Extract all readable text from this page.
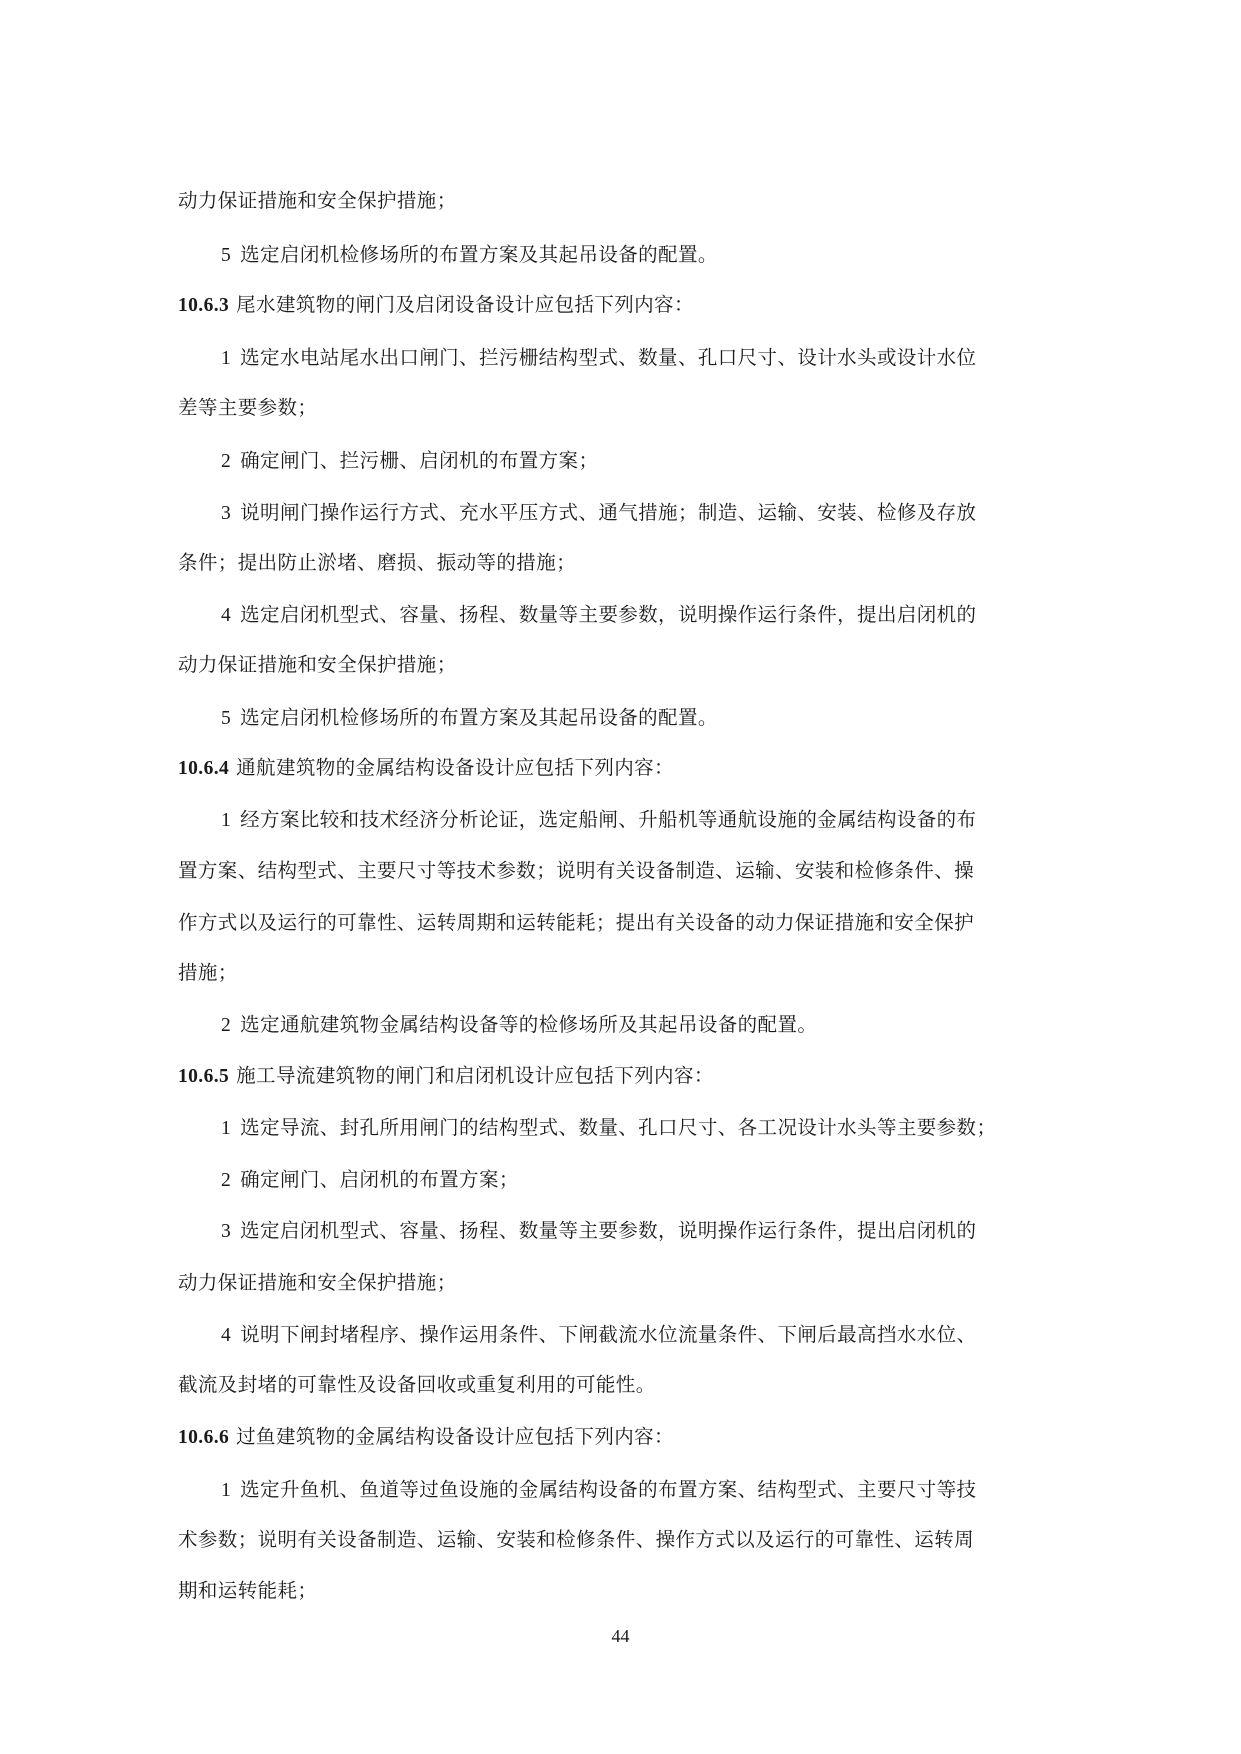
动力保证措施和安全保护措施；
5 选定启闭机检修场所的布置方案及其起吊设备的配置。
10.6.3 尾水建筑物的闸门及启闭设备设计应包括下列内容：
1 选定水电站尾水出口闸门、拦污栅结构型式、数量、孔口尺寸、设计水头或设计水位
差等主要参数；
2 确定闸门、拦污栅、启闭机的布置方案；
3 说明闸门操作运行方式、充水平压方式、通气措施；制造、运输、安装、检修及存放
条件；提出防止淤堵、磨损、振动等的措施；
4 选定启闭机型式、容量、扬程、数量等主要参数，说明操作运行条件，提出启闭机的
动力保证措施和安全保护措施；
5 选定启闭机检修场所的布置方案及其起吊设备的配置。
10.6.4 通航建筑物的金属结构设备设计应包括下列内容：
1 经方案比较和技术经济分析论证，选定船闸、升船机等通航设施的金属结构设备的布
置方案、结构型式、主要尺寸等技术参数；说明有关设备制造、运输、安装和检修条件、操
作方式以及运行的可靠性、运转周期和运转能耗；提出有关设备的动力保证措施和安全保护
措施；
2 选定通航建筑物金属结构设备等的检修场所及其起吊设备的配置。
10.6.5 施工导流建筑物的闸门和启闭机设计应包括下列内容：
1 选定导流、封孔所用闸门的结构型式、数量、孔口尺寸、各工况设计水头等主要参数；
2 确定闸门、启闭机的布置方案；
3 选定启闭机型式、容量、扬程、数量等主要参数，说明操作运行条件，提出启闭机的
动力保证措施和安全保护措施；
4 说明下闸封堵程序、操作运用条件、下闸截流水位流量条件、下闸后最高挡水水位、
截流及封堵的可靠性及设备回收或重复利用的可能性。
10.6.6 过鱼建筑物的金属结构设备设计应包括下列内容：
1 选定升鱼机、鱼道等过鱼设施的金属结构设备的布置方案、结构型式、主要尺寸等技
术参数；说明有关设备制造、运输、安装和检修条件、操作方式以及运行的可靠性、运转周
期和运转能耗；
44
